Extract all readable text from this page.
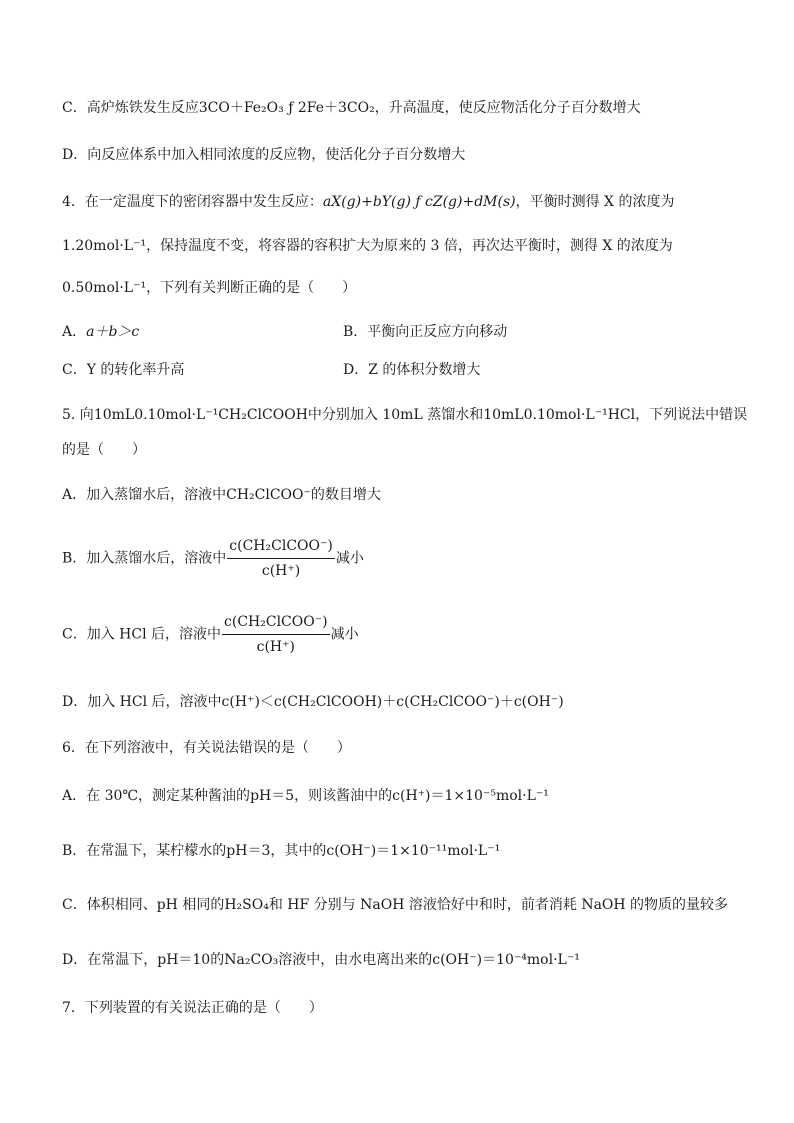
C．高炉炼铁发生反应3CO＋Fe₂O₃ ƒ 2Fe＋3CO₂，升高温度，使反应物活化分子百分数增大
D．向反应体系中加入相同浓度的反应物，使活化分子百分数增大
4．在一定温度下的密闭容器中发生反应：aX(g)+bY(g) ƒ cZ(g)+dM(s)，平衡时测得 X 的浓度为
1.20mol·L⁻¹，保持温度不变，将容器的容积扩大为原来的 3 倍，再次达平衡时，测得 X 的浓度为
0.50mol·L⁻¹，下列有关判断正确的是（　　）
A．a＋b＞c	B．平衡向正反应方向移动
C．Y 的转化率升高	D．Z 的体积分数增大
5. 向10mL0.10mol·L⁻¹CH₂ClCOOH中分别加入 10mL 蒸馏水和10mL0.10mol·L⁻¹HCl，下列说法中错误
的是（　　）
A．加入蒸馏水后，溶液中CH₂ClCOO⁻的数目增大
B．加入蒸馏水后，溶液中 $\frac{\text{c(CH₂ClCOO⁻)}}{c(H^+)}$ 减小
C．加入 HCl 后，溶液中 $\frac{\text{c(CH₂ClCOO⁻)}}{c(H^+)}$ 减小
D．加入 HCl 后，溶液中c(H⁺)＜c(CH₂ClCOOH)＋c(CH₂ClCOO⁻)＋c(OH⁻)
6．在下列溶液中，有关说法错误的是（　　）
A．在 30℃，测定某种酱油的pH＝5，则该酱油中的c(H⁺)＝1×10⁻⁵mol·L⁻¹
B．在常温下，某柠檬水的pH＝3，其中的c(OH⁻)＝1×10⁻¹¹mol·L⁻¹
C．体积相同、pH 相同的H₂SO₄和 HF 分别与 NaOH 溶液恰好中和时，前者消耗 NaOH 的物质的量较多
D．在常温下，pH＝10的Na₂CO₃溶液中，由水电离出来的c(OH⁻)＝10⁻⁴mol·L⁻¹
7．下列装置的有关说法正确的是（　　）
